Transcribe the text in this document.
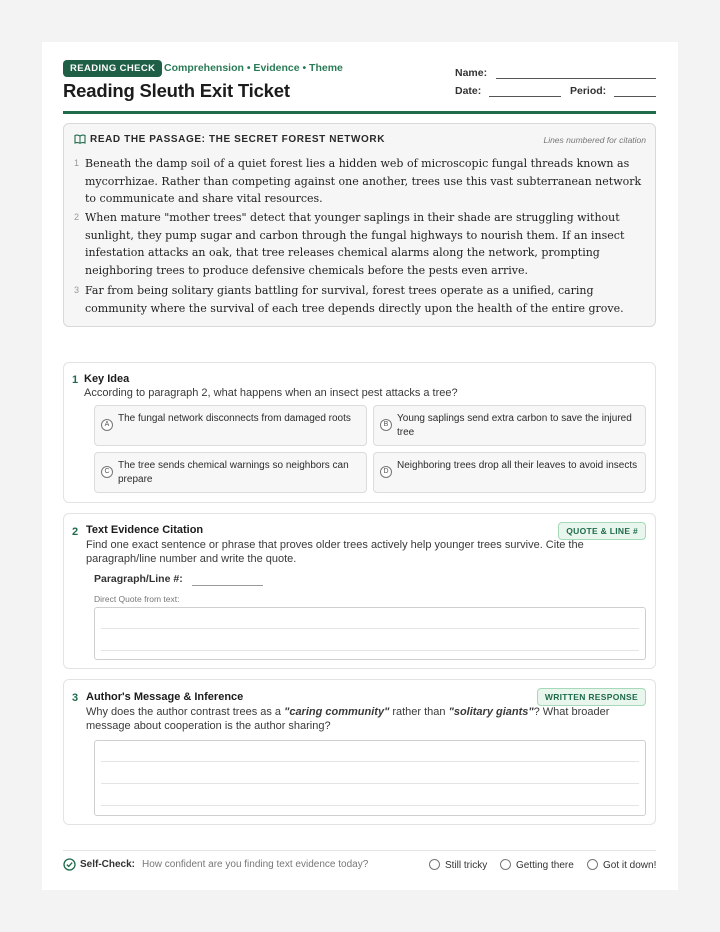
READING CHECK Comprehension • Evidence • Theme
Reading Sleuth Exit Ticket
Name:
Date:	Period:
READ THE PASSAGE: THE SECRET FOREST NETWORK	Lines numbered for citation
1 Beneath the damp soil of a quiet forest lies a hidden web of microscopic fungal threads known as mycorrhizae. Rather than competing against one another, trees use this vast subterranean network to communicate and share vital resources.
2 When mature "mother trees" detect that younger saplings in their shade are struggling without sunlight, they pump sugar and carbon through the fungal highways to nourish them. If an insect infestation attacks an oak, that tree releases chemical alarms along the network, prompting neighboring trees to produce defensive chemicals before the pests even arrive.
3 Far from being solitary giants battling for survival, forest trees operate as a unified, caring community where the survival of each tree depends directly upon the health of the entire grove.
1 Key Idea
According to paragraph 2, what happens when an insect pest attacks a tree?
A
The fungal network disconnects from damaged roots
B
Young saplings send extra carbon to save the injured tree
C
The tree sends chemical warnings so neighbors can prepare
D
Neighboring trees drop all their leaves to avoid insects
2 Text Evidence Citation	QUOTE & LINE #
Find one exact sentence or phrase that proves older trees actively help younger trees survive. Cite the paragraph/line number and write the quote.
Paragraph/Line #:
Direct Quote from text:
3 Author's Message & Inference	WRITTEN RESPONSE
Why does the author contrast trees as a "caring community" rather than "solitary giants"? What broader message about cooperation is the author sharing?
Self-Check: How confident are you finding text evidence today?	Still tricky	Getting there	Got it down!
